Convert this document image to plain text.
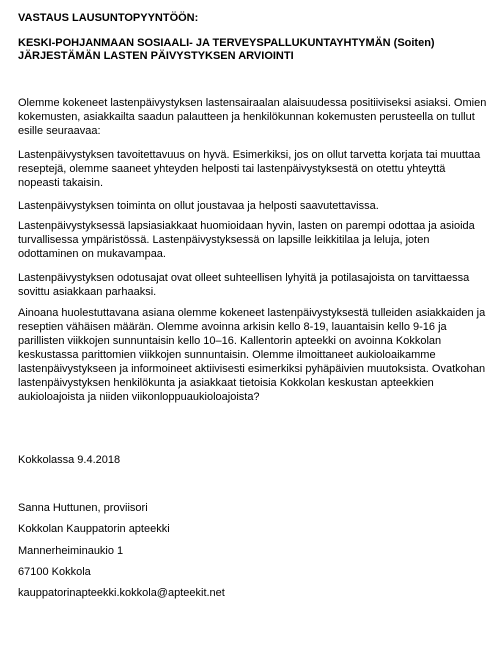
VASTAUS LAUSUNTOPYYNTÖÖN:

KESKI-POHJANMAAN SOSIAALI- JA TERVEYSPALLUKUNTAYHTYMÄN (Soiten)

JÄRJESTÄMÄN LASTEN PÄIVYSTYKSEN ARVIOINTI

Olemme kokeneet lastenpäivystyksen lastensairaalan alaisuudessa positiiviseksi asiaksi. Omien kokemusten, asiakkailta saadun palautteen ja henkilökunnan kokemusten perusteella on tullut esille seuraavaa:

Lastenpäivystyksen tavoitettavuus on hyvä. Esimerkiksi, jos on ollut tarvetta korjata tai muuttaa reseptejä, olemme saaneet yhteyden helposti tai lastenpäivystyksestä on otettu yhteyttä nopeasti takaisin.

Lastenpäivystyksen toiminta on ollut joustavaa ja helposti saavutettavissa.

Lastenpäivystyksessä lapsiasiakkaat huomioidaan hyvin, lasten on parempi odottaa ja asioida turvallisessa ympäristössä. Lastenpäivystyksessä on lapsille leikkitilaa ja leluja, joten odottaminen on mukavampaa.

Lastenpäivystyksen odotusajat ovat olleet suhteellisen lyhyitä ja potilasajoista on tarvittaessa sovittu asiakkaan parhaaksi.

Ainoana huolestuttavana asiana olemme kokeneet lastenpäivystyksestä tulleiden asiakkaiden ja reseptien vähäisen määrän. Olemme avoinna arkisin kello 8-19, lauantaisin kello 9-16 ja parillisten viikkojen sunnuntaisin kello 10–16. Kallentorin apteekki on avoinna Kokkolan keskustassa parittomien viikkojen sunnuntaisin. Olemme ilmoittaneet aukioloaikamme lastenpäivystykseen ja informoineet aktiivisesti esimerkiksi pyhäpäivien muutoksista. Ovatkohan lastenpäivystyksen henkilökunta ja asiakkaat tietoisia Kokkolan keskustan apteekkien aukioloajoista ja niiden viikonloppuaukioloajoista?

Kokkolassa 9.4.2018

Sanna Huttunen, proviisori

Kokkolan Kauppatorin apteekki

Mannerheiminaukio 1

67100 Kokkola

kauppatorinapteekki.kokkola@apteekit.net
